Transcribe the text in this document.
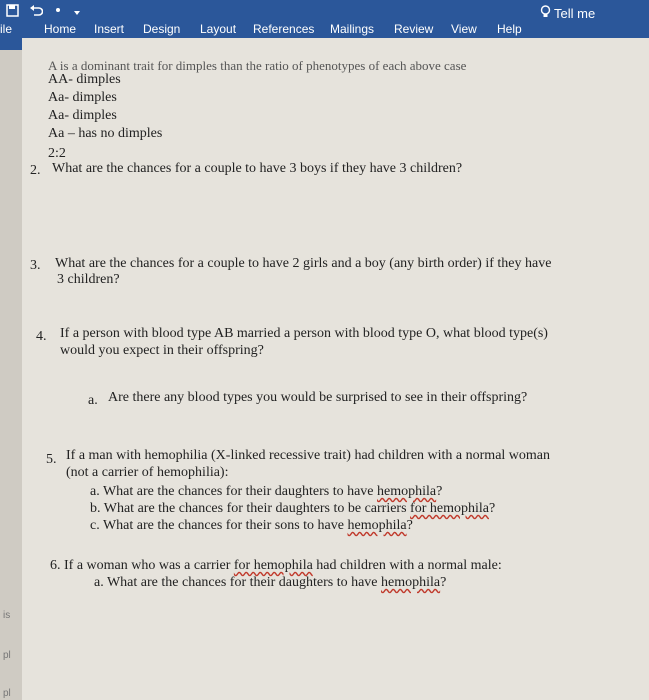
Tell me
ile	Home Insert Design Layout References Mailings Review View Help
is
pl
pl
A is a dominant trait for dimples than the ratio of phenotypes of each above case
AA- dimples
Aa- dimples
Aa- dimples
Aa – has no dimples
2:2
2. What are the chances for a couple to have 3 boys if they have 3 children?
3. What are the chances for a couple to have 2 girls and a boy (any birth order) if they have
3 children?
4. If a person with blood type AB married a person with blood type O, what blood type(s)
would you expect in their offspring?
a. Are there any blood types you would be surprised to see in their offspring?
5. If a man with hemophilia (X-linked recessive trait) had children with a normal woman
(not a carrier of hemophilia):
a. What are the chances for their daughters to have hemophila?
b. What are the chances for their daughters to be carriers for hemophila?
c. What are the chances for their sons to have hemophila?
6. If a woman who was a carrier for hemophila had children with a normal male:
a. What are the chances for their daughters to have hemophila?
